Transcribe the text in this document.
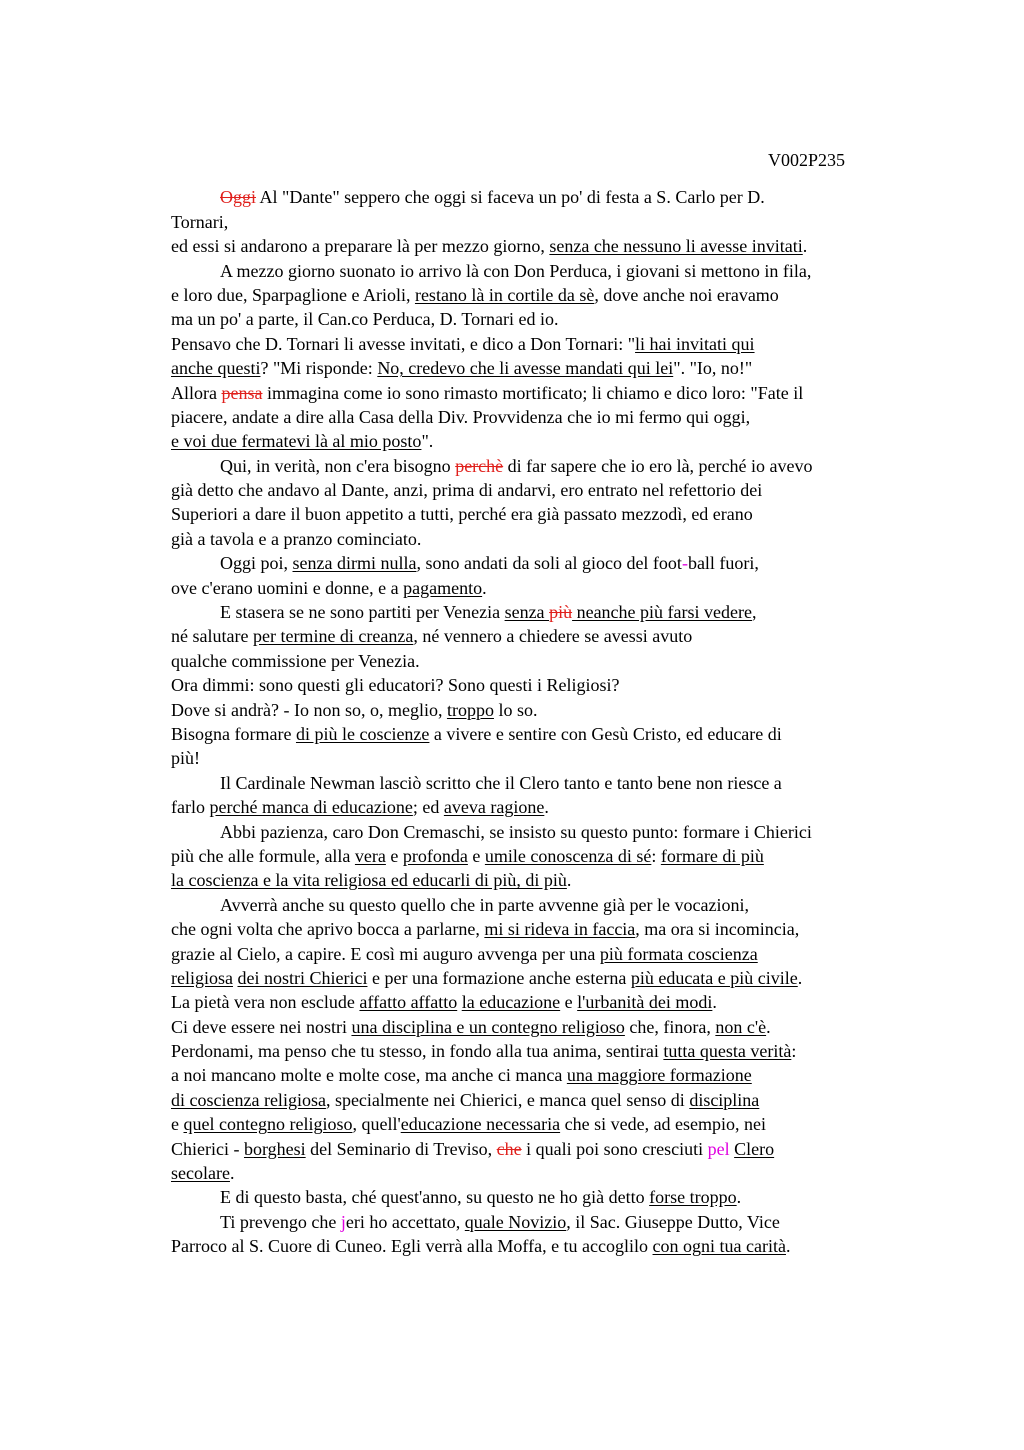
V002P235
Oggi Al "Dante" seppero che oggi si faceva un po' di festa a S. Carlo per D.
Tornari,
ed essi si andarono a preparare là per mezzo giorno, senza che nessuno li avesse invitati.
A mezzo giorno suonato io arrivo là con Don Perduca, i giovani si mettono in fila,
e loro due, Sparpaglione e Arioli, restano là in cortile da sè, dove anche noi eravamo
ma un po' a parte, il Can.co Perduca, D. Tornari ed io.
Pensavo che D. Tornari li avesse invitati, e dico a Don Tornari: "li hai invitati qui
anche questi? "Mi risponde: No, credevo che li avesse mandati qui lei". "Io, no!"
Allora pensa immagina come io sono rimasto mortificato; li chiamo e dico loro: "Fate il
piacere, andate a dire alla Casa della Div. Provvidenza che io mi fermo qui oggi,
e voi due fermatevi là al mio posto".
Qui, in verità, non c'era bisogno perchè di far sapere che io ero là, perché io avevo
già detto che andavo al Dante, anzi, prima di andarvi, ero entrato nel refettorio dei
Superiori a dare il buon appetito a tutti, perché era già passato mezzodì, ed erano
già a tavola e a pranzo cominciato.
Oggi poi, senza dirmi nulla, sono andati da soli al gioco del foot-ball fuori,
ove c'erano uomini e donne, e a pagamento.
E stasera se ne sono partiti per Venezia senza più neanche più farsi vedere,
né salutare per termine di creanza, né vennero a chiedere se avessi avuto
qualche commissione per Venezia.
Ora dimmi: sono questi gli educatori? Sono questi i Religiosi?
Dove si andrà? - Io non so, o, meglio, troppo lo so.
Bisogna formare di più le coscienze a vivere e sentire con Gesù Cristo, ed educare di
più!
Il Cardinale Newman lasciò scritto che il Clero tanto e tanto bene non riesce a
farlo perché manca di educazione; ed aveva ragione.
Abbi pazienza, caro Don Cremaschi, se insisto su questo punto: formare i Chierici
più che alle formule, alla vera e profonda e umile conoscenza di sé: formare di più
la coscienza e la vita religiosa ed educarli di più, di più.
Avverrà anche su questo quello che in parte avvenne già per le vocazioni,
che ogni volta che aprivo bocca a parlarne, mi si rideva in faccia, ma ora si incomincia,
grazie al Cielo, a capire. E così mi auguro avvenga per una più formata coscienza
religiosa dei nostri Chierici e per una formazione anche esterna più educata e più civile.
La pietà vera non esclude affatto affatto la educazione e l'urbanità dei modi.
Ci deve essere nei nostri una disciplina e un contegno religioso che, finora, non c'è.
Perdonami, ma penso che tu stesso, in fondo alla tua anima, sentirai tutta questa verità:
a noi mancano molte e molte cose, ma anche ci manca una maggiore formazione
di coscienza religiosa, specialmente nei Chierici, e manca quel senso di disciplina
e quel contegno religioso, quell'educazione necessaria che si vede, ad esempio, nei
Chierici - borghesi del Seminario di Treviso, che i quali poi sono cresciuti pel Clero
secolare.
E di questo basta, ché quest'anno, su questo ne ho già detto forse troppo.
Ti prevengo che jeri ho accettato, quale Novizio, il Sac. Giuseppe Dutto, Vice
Parroco al S. Cuore di Cuneo. Egli verrà alla Moffa, e tu accoglilo con ogni tua carità.
